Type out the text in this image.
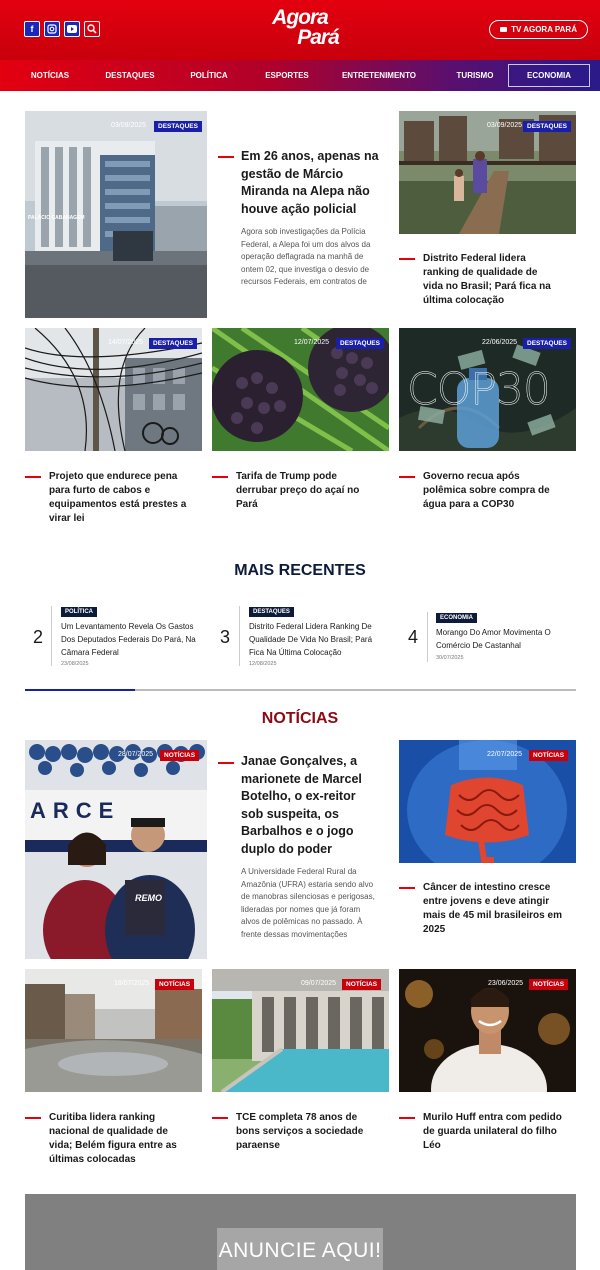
f	Agora
Pará	TV AGORA PARÁ
NOTÍCIAS	DESTAQUES	POLÍTICA	ESPORTES	ENTRETENIMENTO	TURISMO	ECONOMIA
PALÁCIO CABANAGEM
03/09/2025	DESTAQUES
Em 26 anos, apenas na gestão de Márcio Miranda na Alepa não houve ação policial
Agora sob investigações da Polícia Federal, a Alepa foi um dos alvos da operação deflagrada na manhã de ontem 02, que investiga o desvio de recursos Federais, em contratos de
03/09/2025 DESTAQUES
Distrito Federal lidera ranking de qualidade de vida no Brasil; Pará fica na última colocação
14/07/2025	DESTAQUES
Projeto que endurece pena para furto de cabos e equipamentos está prestes a virar lei
12/07/2025	DESTAQUES
Tarifa de Trump pode derrubar preço do açaí no Pará
COP30
22/06/2025	DESTAQUES
Governo recua após polêmica sobre compra de água para a COP30
MAIS RECENTES
2
POLÍTICA
Um Levantamento Revela Os Gastos Dos Deputados Federais Do Pará, Na Câmara Federal
23/08/2025
3
DESTAQUES
Distrito Federal Lidera Ranking De Qualidade De Vida No Brasil; Pará Fica Na Última Colocação
12/08/2025
4
ECONOMIA
Morango Do Amor Movimenta O Comércio De Castanhal
30/07/2025
NOTÍCIAS
ARCE
REMO
28/07/2025	NOTÍCIAS	Janae Gonçalves, a marionete de Marcel Botelho, o ex-reitor sob suspeita, os Barbalhos e o jogo duplo do poder
A Universidade Federal Rural da Amazônia (UFRA) estaria sendo alvo de manobras silenciosas e perigosas, lideradas por nomes que já foram alvos de polêmicas no passado. À frente dessas movimentações
22/07/2025	NOTÍCIAS
Câncer de intestino cresce entre jovens e deve atingir mais de 45 mil brasileiros em 2025
18/07/2025	NOTÍCIAS
Curitiba lidera ranking nacional de qualidade de vida; Belém figura entre as últimas colocadas
09/07/2025	NOTÍCIAS
TCE completa 78 anos de bons serviços a sociedade paraense
23/06/2025	NOTÍCIAS
Murilo Huff entra com pedido de guarda unilateral do filho Léo
ANUNCIE AQUI!
